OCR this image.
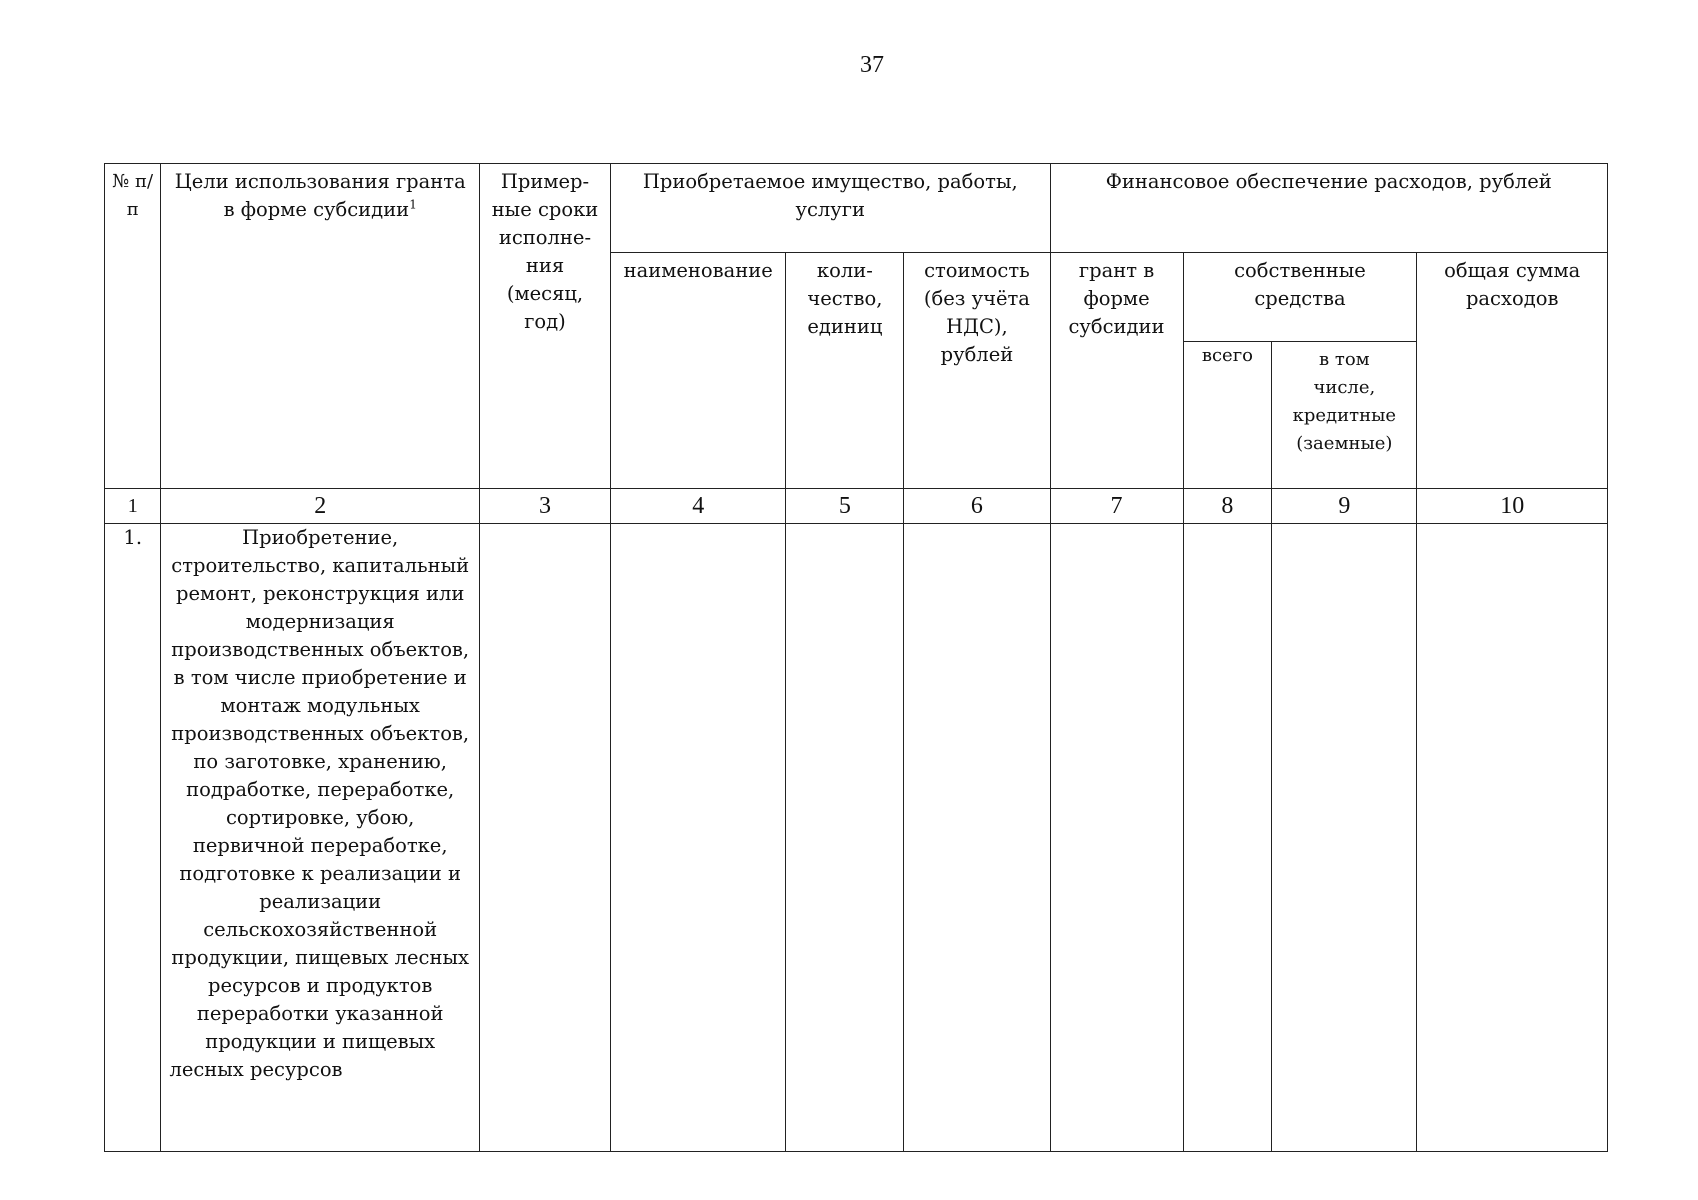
37
№ п/п	Цели использования гранта в форме субсидии$^1$	Пример- ные сроки исполне- ния (месяц, год)	Приобретаемое имущество, работы, услуги			Финансовое обеспечение расходов, рублей			
			наименование	коли- чество, единиц	стоимость (без учёта НДС), рублей	грант в форме субсидии	собственные средства		общая сумма расходов
							всего	в том числе, кредитные (заемные)	
1	2	3	4	5	6	7	8	9	10
1.	Приобретение, строительство, капитальный ремонт, реконструкция или модернизация производственных объектов, в том числе приобретение и монтаж модульных производственных объектов, по заготовке, хранению, подработке, переработке, сортировке, убою, первичной переработке, подготовке к реализации и реализации сельскохозяйственной продукции, пищевых лесных ресурсов и продуктов переработки указанной продукции и пищевых лесных ресурсов								
